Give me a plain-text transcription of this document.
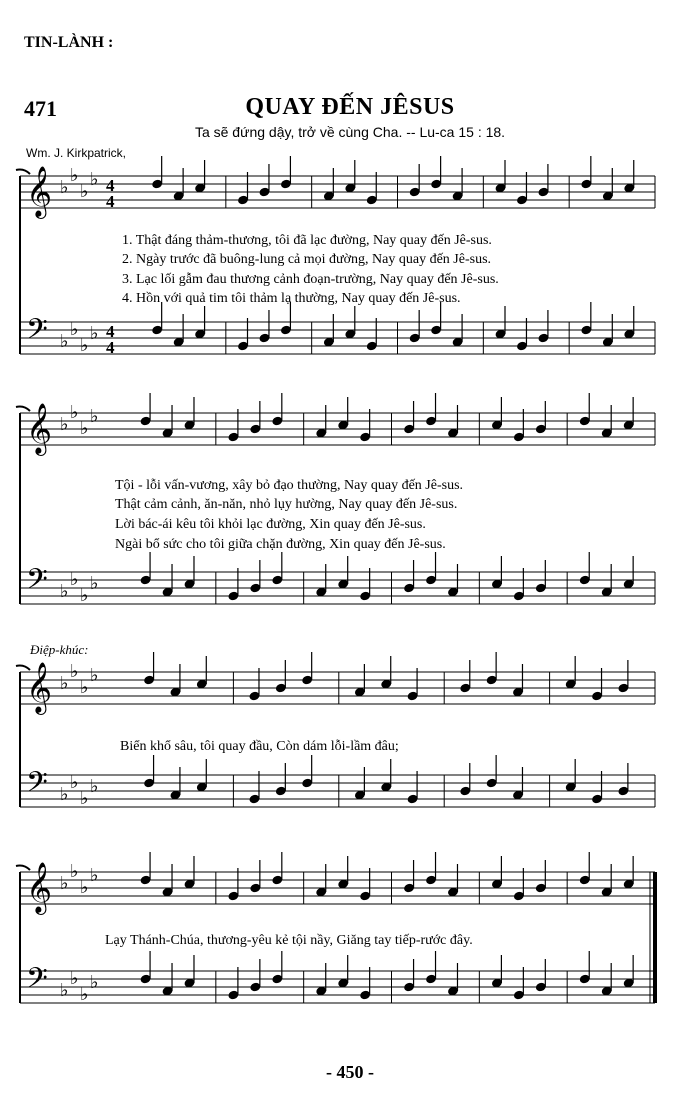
TIN-LÀNH :
471	QUAY ĐẾN JÊSUS
Ta sẽ đứng dậy, trở về cùng Cha. -- Lu-ca 15 : 18.
Wm. J. Kirkpatrick,
Điệp-khúc:
- 450 -
𝄞
𝄢
♭
♭
♭
♭
♭
♭
♭
♭
4
4
4
4
𝄞
𝄢
♭
♭
♭
♭
♭
♭
♭
♭
𝄞
𝄢
♭
♭
♭
♭
♭
♭
♭
♭
𝄞
𝄢
♭
♭
♭
♭
♭
♭
♭
♭
1. Thật đáng thảm-thương, tôi đã lạc đường, Nay quay đến Jê-sus.
2. Ngày trước đã buông-lung cả mọi đường, Nay quay đến Jê-sus.
3. Lạc lối gẫm đau thương cảnh đoạn-trường, Nay quay đến Jê-sus.
4. Hồn với quả tim tôi thảm lạ thường, Nay quay đến Jê-sus.
Tội - lỗi vấn-vương, xây bỏ đạo thường, Nay quay đến Jê-sus.
Thật cảm cảnh, ăn-năn, nhỏ lụy hường, Nay quay đến Jê-sus.
Lời bác-ái kêu tôi khỏi lạc đường, Xin quay đến Jê-sus.
Ngài bổ sức cho tôi giữa chặn đường, Xin quay đến Jê-sus.
Biển khổ sâu, tôi quay đầu, Còn dám lỗi-lầm đâu;
Lạy Thánh-Chúa, thương-yêu kẻ tội nầy, Giăng tay tiếp-rước đây.
